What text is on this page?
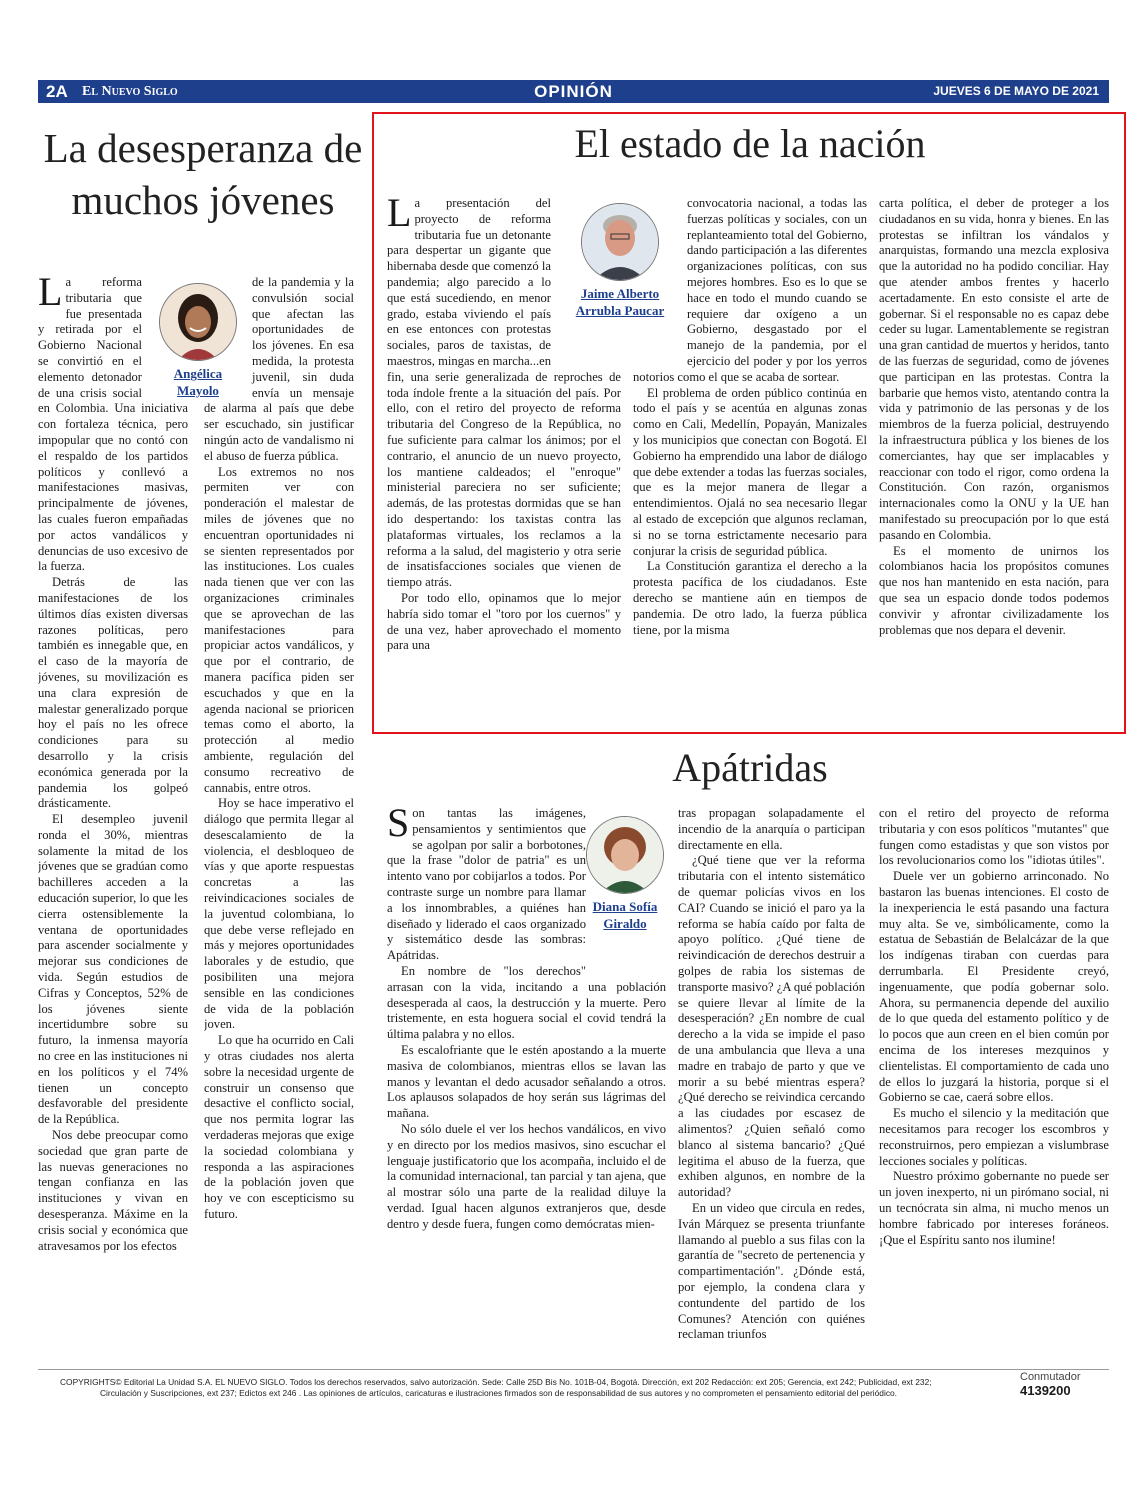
2A El Nuevo Siglo	OPINIÓN	JUEVES 6 DE MAYO DE 2021
La desesperanza de muchos jóvenes
Angélica Mayolo

La reforma tributaria que fue presentada y retirada por el Gobierno Nacional se convirtió en el elemento detonador de una crisis social en Colombia. Una iniciativa con fortaleza técnica, pero impopular que no contó con el respaldo de los partidos políticos y conllevó a manifestaciones masivas, principalmente de jóvenes, las cuales fueron empañadas por actos vandálicos y denuncias de uso excesivo de la fuerza.

Detrás de las manifestaciones de los últimos días existen diversas razones políticas, pero también es innegable que, en el caso de la mayoría de jóvenes, su movilización es una clara expresión de malestar generalizado porque hoy el país no les ofrece condiciones para su desarrollo y la crisis económica generada por la pandemia los golpeó drásticamente.

El desempleo juvenil ronda el 30%, mientras solamente la mitad de los jóvenes que se gradúan como bachilleres acceden a la educación superior, lo que les cierra ostensiblemente la ventana de oportunidades para ascender socialmente y mejorar sus condiciones de vida. Según estudios de Cifras y Conceptos, 52% de los jóvenes siente incertidumbre sobre su futuro, la inmensa mayoría no cree en las instituciones ni en los políticos y el 74% tienen un concepto desfavorable del presidente de la República.

Nos debe preocupar como sociedad que gran parte de las nuevas generaciones no tengan confianza en las instituciones y vivan en desesperanza. Máxime en la crisis social y económica que atravesamos por los efectos

de la pandemia y la convulsión social que afectan las oportunidades de los jóvenes. En esa medida, la protesta juvenil, sin duda envía un mensaje de alarma al país que debe ser escuchado, sin justificar ningún acto de vandalismo ni el abuso de fuerza pública.

Los extremos no nos permiten ver con ponderación el malestar de miles de jóvenes que no encuentran oportunidades ni se sienten representados por las instituciones. Los cuales nada tienen que ver con las organizaciones criminales que se aprovechan de las manifestaciones para propiciar actos vandálicos, y que por el contrario, de manera pacífica piden ser escuchados y que en la agenda nacional se prioricen temas como el aborto, la protección al medio ambiente, regulación del consumo recreativo de cannabis, entre otros.

Hoy se hace imperativo el diálogo que permita llegar al desescalamiento de la violencia, el desbloqueo de vías y que aporte respuestas concretas a las reivindicaciones sociales de la juventud colombiana, lo que debe verse reflejado en más y mejores oportunidades laborales y de estudio, que posibiliten una mejora sensible en las condiciones de vida de la población joven.

Lo que ha ocurrido en Cali y otras ciudades nos alerta sobre la necesidad urgente de construir un consenso que desactive el conflicto social, que nos permita lograr las verdaderas mejoras que exige la sociedad colombiana y responda a las aspiraciones de la población joven que hoy ve con escepticismo su futuro.

El estado de la nación
Jaime Alberto Arrubla Paucar

La presentación del proyecto de reforma tributaria fue un detonante para despertar un gigante que hibernaba desde que comenzó la pandemia; algo parecido a lo que está sucediendo, en menor grado, estaba viviendo el país en ese entonces con protestas sociales, paros de taxistas, de maestros, mingas en marcha...en fin, una serie generalizada de reproches de toda índole frente a la situación del país. Por ello, con el retiro del proyecto de reforma tributaria del Congreso de la República, no fue suficiente para calmar los ánimos; por el contrario, el anuncio de un nuevo proyecto, los mantiene caldeados; el "enroque" ministerial pareciera no ser suficiente; además, de las protestas dormidas que se han ido despertando: los taxistas contra las plataformas virtuales, los reclamos a la reforma a la salud, del magisterio y otra serie de insatisfacciones sociales que vienen de tiempo atrás.

Por todo ello, opinamos que lo mejor habría sido tomar el "toro por los cuernos" y de una vez, haber aprovechado el momento para una

convocatoria nacional, a todas las fuerzas políticas y sociales, con un replanteamiento total del Gobierno, dando participación a las diferentes organizaciones políticas, con sus mejores hombres. Eso es lo que se hace en todo el mundo cuando se requiere dar oxígeno a un Gobierno, desgastado por el manejo de la pandemia, por el ejercicio del poder y por los yerros notorios como el que se acaba de sortear.

El problema de orden público continúa en todo el país y se acentúa en algunas zonas como en Cali, Medellín, Popayán, Manizales y los municipios que conectan con Bogotá. El Gobierno ha emprendido una labor de diálogo que debe extender a todas las fuerzas sociales, que es la mejor manera de llegar a entendimientos. Ojalá no sea necesario llegar al estado de excepción que algunos reclaman, si no se torna estrictamente necesario para conjurar la crisis de seguridad pública.

La Constitución garantiza el derecho a la protesta pacífica de los ciudadanos. Este derecho se mantiene aún en tiempos de pandemia. De otro lado, la fuerza pública tiene, por la misma

carta política, el deber de proteger a los ciudadanos en su vida, honra y bienes. En las protestas se infiltran los vándalos y anarquistas, formando una mezcla explosiva que la autoridad no ha podido conciliar. Hay que atender ambos frentes y hacerlo acertadamente. En esto consiste el arte de gobernar. Si el responsable no es capaz debe ceder su lugar. Lamentablemente se registran una gran cantidad de muertos y heridos, tanto de las fuerzas de seguridad, como de jóvenes que participan en las protestas. Contra la barbarie que hemos visto, atentando contra la vida y patrimonio de las personas y de los miembros de la fuerza policial, destruyendo la infraestructura pública y los bienes de los comerciantes, hay que ser implacables y reaccionar con todo el rigor, como ordena la Constitución. Con razón, organismos internacionales como la ONU y la UE han manifestado su preocupación por lo que está pasando en Colombia.

Es el momento de unirnos los colombianos hacia los propósitos comunes que nos han mantenido en esta nación, para que sea un espacio donde todos podemos convivir y afrontar civilizadamente los problemas que nos depara el devenir.

Apátridas
Diana Sofía Giraldo

Son tantas las imágenes, pensamientos y sentimientos que se agolpan por salir a borbotones, que la frase "dolor de patria" es un intento vano por cobijarlos a todos. Por contraste surge un nombre para llamar a los innombrables, a quiénes han diseñado y liderado el caos organizado y sistemático desde las sombras: Apátridas.

En nombre de "los derechos" arrasan con la vida, incitando a una población desesperada al caos, la destrucción y la muerte. Pero tristemente, en esta hoguera social el covid tendrá la última palabra y no ellos.

Es escalofriante que le estén apostando a la muerte masiva de colombianos, mientras ellos se lavan las manos y levantan el dedo acusador señalando a otros. Los aplausos solapados de hoy serán sus lágrimas del mañana.

No sólo duele el ver los hechos vandálicos, en vivo y en directo por los medios masivos, sino escuchar el lenguaje justificatorio que los acompaña, incluido el de la comunidad internacional, tan parcial y tan ajena, que al mostrar sólo una parte de la realidad diluye la verdad. Igual hacen algunos extranjeros que, desde dentro y desde fuera, fungen como demócratas mien-

tras propagan solapadamente el incendio de la anarquía o participan directamente en ella.

¿Qué tiene que ver la reforma tributaria con el intento sistemático de quemar policías vivos en los CAI? Cuando se inició el paro ya la reforma se había caído por falta de apoyo político. ¿Qué tiene de reivindicación de derechos destruir a golpes de rabia los sistemas de transporte masivo? ¿A qué población se quiere llevar al límite de la desesperación? ¿En nombre de cual derecho a la vida se impide el paso de una ambulancia que lleva a una madre en trabajo de parto y que ve morir a su bebé mientras espera? ¿Qué derecho se reivindica cercando a las ciudades por escasez de alimentos? ¿Quien señaló como blanco al sistema bancario? ¿Qué legitima el abuso de la fuerza, que exhiben algunos, en nombre de la autoridad?

En un video que circula en redes, Iván Márquez se presenta triunfante llamando al pueblo a sus filas con la garantía de "secreto de pertenencia y compartimentación". ¿Dónde está, por ejemplo, la condena clara y contundente del partido de los Comunes? Atención con quiénes reclaman triunfos

con el retiro del proyecto de reforma tributaria y con esos políticos "mutantes" que fungen como estadistas y que son vistos por los revolucionarios como los "idiotas útiles".

Duele ver un gobierno arrinconado. No bastaron las buenas intenciones. El costo de la inexperiencia le está pasando una factura muy alta. Se ve, simbólicamente, como la estatua de Sebastián de Belalcázar de la que los indígenas tiraban con cuerdas para derrumbarla. El Presidente creyó, ingenuamente, que podía gobernar solo. Ahora, su permanencia depende del auxilio de lo que queda del estamento político y de lo pocos que aun creen en el bien común por encima de los intereses mezquinos y clientelistas. El comportamiento de cada uno de ellos lo juzgará la historia, porque si el Gobierno se cae, caerá sobre ellos.

Es mucho el silencio y la meditación que necesitamos para recoger los escombros y reconstruirnos, pero empiezan a vislumbrase lecciones sociales y políticas.

Nuestro próximo gobernante no puede ser un joven inexperto, ni un pirómano social, ni un tecnócrata sin alma, ni mucho menos un hombre fabricado por intereses foráneos. ¡Que el Espíritu santo nos ilumine!

COPYRIGHTS© Editorial La Unidad S.A. EL NUEVO SIGLO. Todos los derechos reservados, salvo autorización. Sede: Calle 25D Bis No. 101B-04, Bogotá. Dirección, ext 202 Redacción: ext 205; Gerencia, ext 242; Publicidad, ext 232;
Circulación y Suscripciones, ext 237; Edictos ext 246 . Las opiniones de artículos, caricaturas e ilustraciones firmados son de responsabilidad de sus autores y no comprometen el pensamiento editorial del periódico.
Conmutador
4139200
